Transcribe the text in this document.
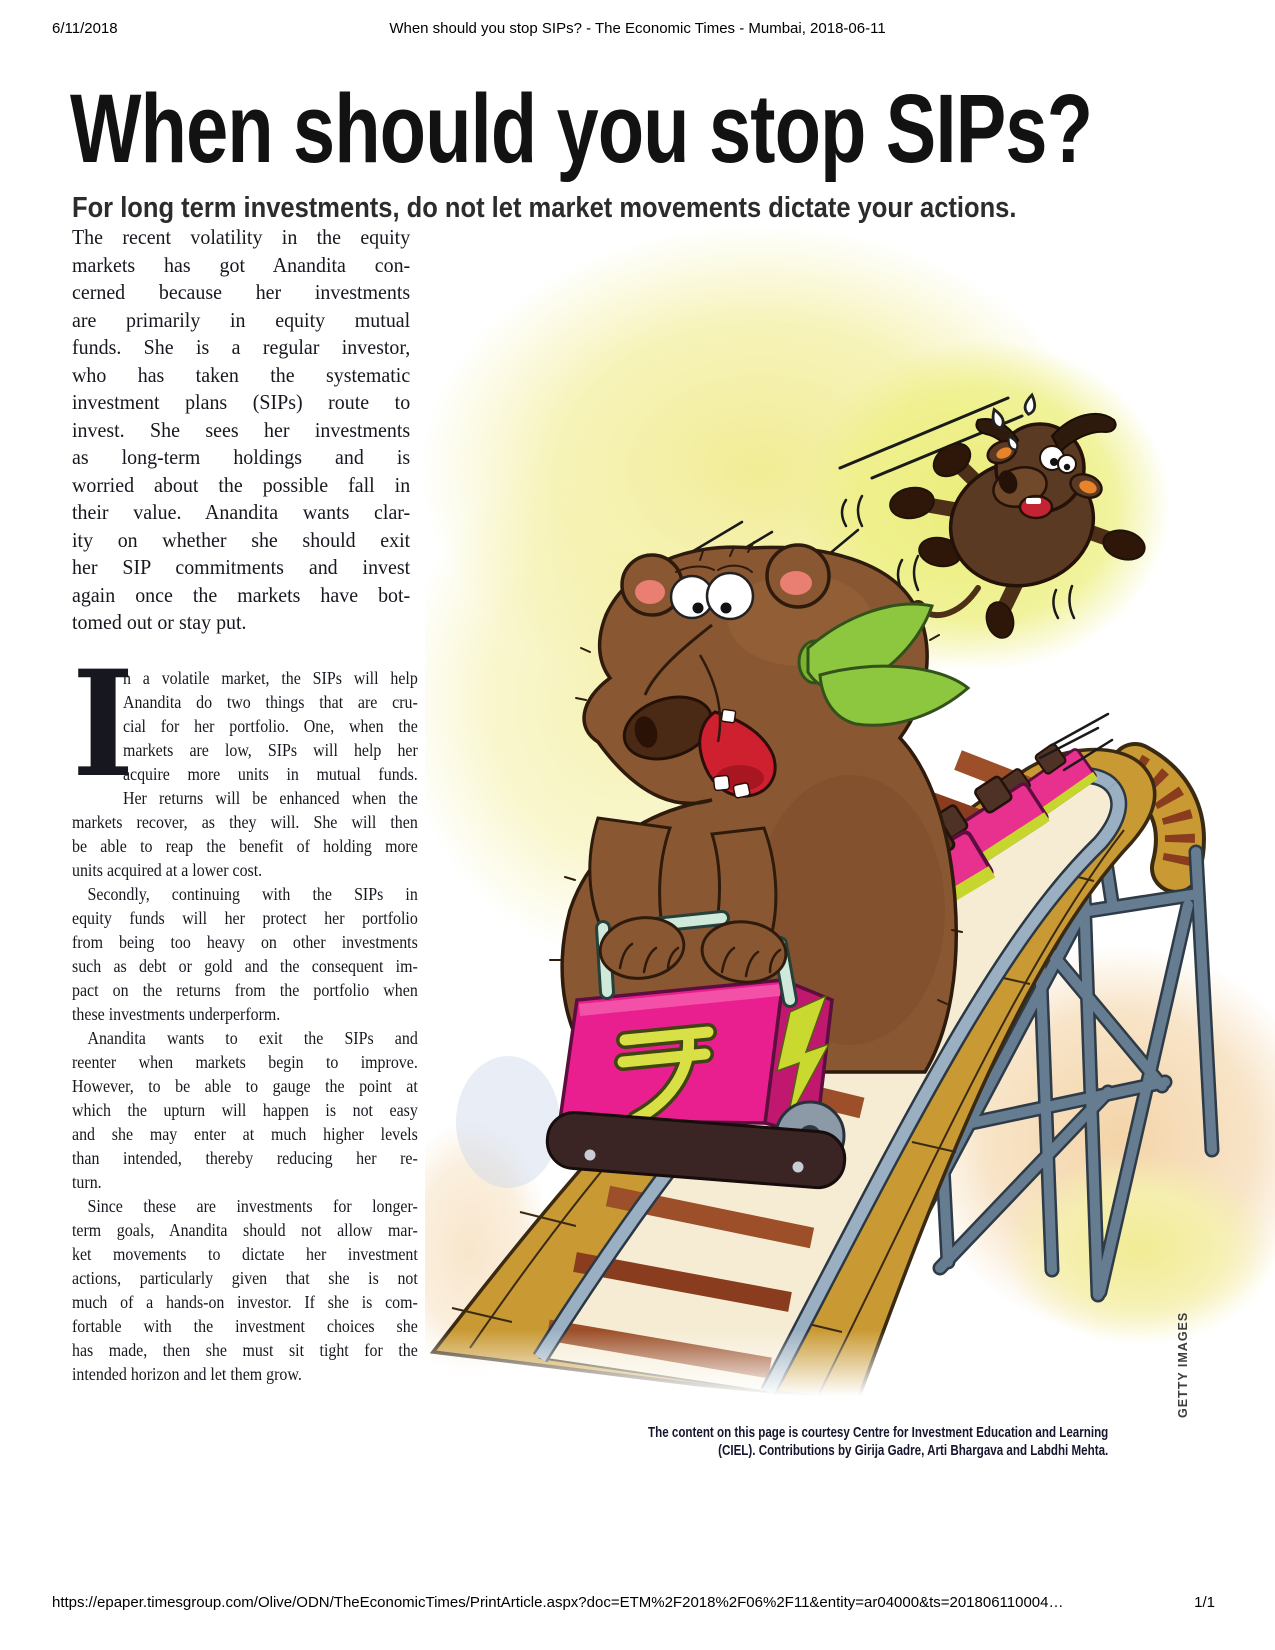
6/11/2018	When should you stop SIPs? - The Economic Times - Mumbai, 2018-06-11
When should you stop SIPs?
For long term investments, do not let market movements dictate your actions.
The recent volatility in the equity
markets has got Anandita con-
cerned because her investments
are primarily in equity mutual
funds. She is a regular investor,
who has taken the systematic
investment plans (SIPs) route to
invest. She sees her investments
as long-term holdings and is
worried about the possible fall in
their value. Anandita wants clar-
ity on whether she should exit
her SIP commitments and invest
again once the markets have bot-
tomed out or stay put.
I
n a volatile market, the SIPs will help
Anandita do two things that are cru-
cial for her portfolio. One, when the
markets are low, SIPs will help her
acquire more units in mutual funds.
Her returns will be enhanced when the
markets recover, as they will. She will then
be able to reap the benefit of holding more
units acquired at a lower cost.
Secondly, continuing with the SIPs in
equity funds will her protect her portfolio
from being too heavy on other investments
such as debt or gold and the consequent im-
pact on the returns from the portfolio when
these investments underperform.
Anandita wants to exit the SIPs and
reenter when markets begin to improve.
However, to be able to gauge the point at
which the upturn will happen is not easy
and she may enter at much higher levels
than intended, thereby reducing her re-
turn.
Since these are investments for longer-
term goals, Anandita should not allow mar-
ket movements to dictate her investment
actions, particularly given that she is not
much of a hands-on investor. If she is com-
fortable with the investment choices she
has made, then she must sit tight for the
intended horizon and let them grow.	GETTY IMAGES
The content on this page is courtesy Centre for Investment Education and Learning
(CIEL). Contributions by Girija Gadre, Arti Bhargava and Labdhi Mehta.
https://epaper.timesgroup.com/Olive/ODN/TheEconomicTimes/PrintArticle.aspx?doc=ETM%2F2018%2F06%2F11&entity=ar04000&ts=201806110004…	1/1
